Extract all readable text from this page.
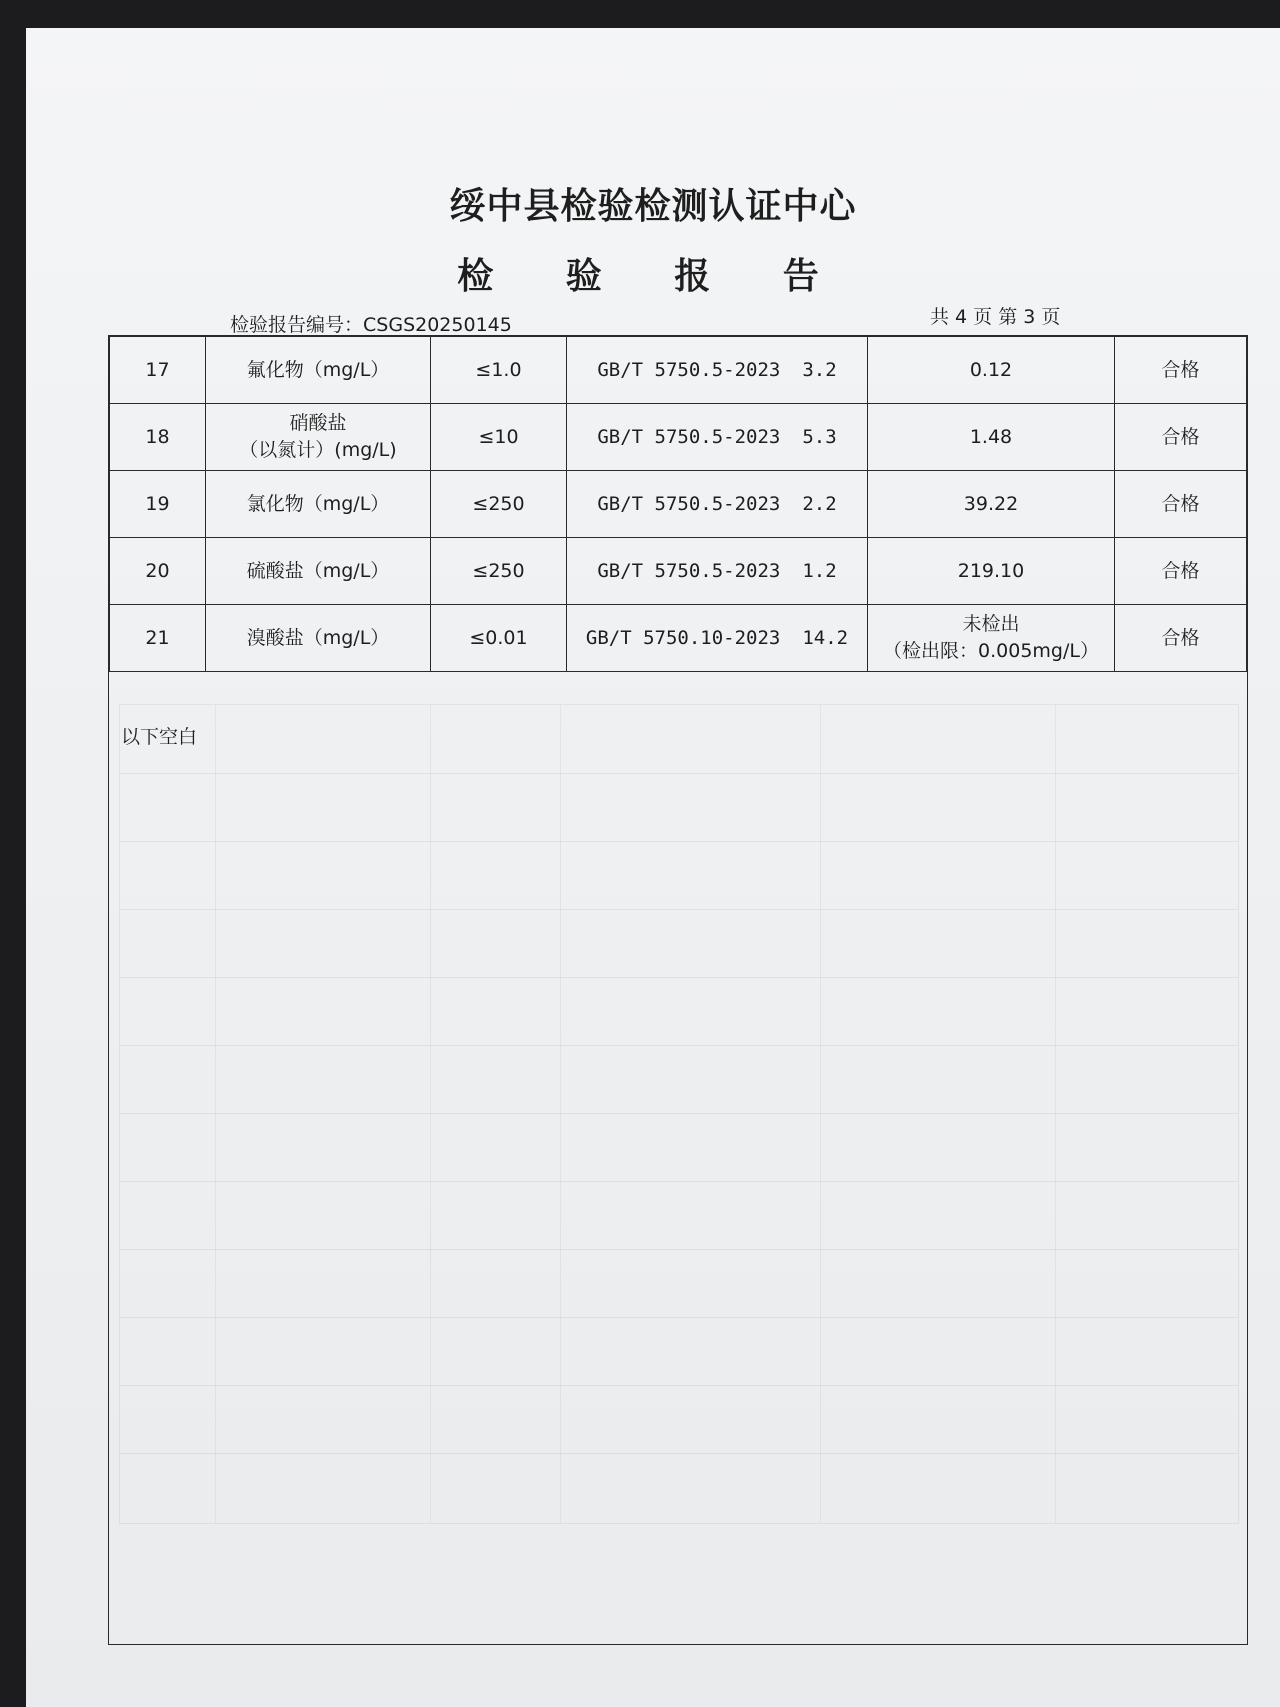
绥中县检验检测认证中心
检 验 报 告
检验报告编号：CSGS20250145	共 4 页 第 3 页
17	氟化物（mg/L）	≤1.0	GB/T 5750.5-2023 3.2	0.12	合格
18	硝酸盐
（以氮计）(mg/L)	≤10	GB/T 5750.5-2023 5.3	1.48	合格
19	氯化物（mg/L）	≤250	GB/T 5750.5-2023 2.2	39.22	合格
20	硫酸盐（mg/L）	≤250	GB/T 5750.5-2023 1.2	219.10	合格
21	溴酸盐（mg/L）	≤0.01	GB/T 5750.10-2023 14.2	未检出
（检出限：0.005mg/L）	合格
以下空白
